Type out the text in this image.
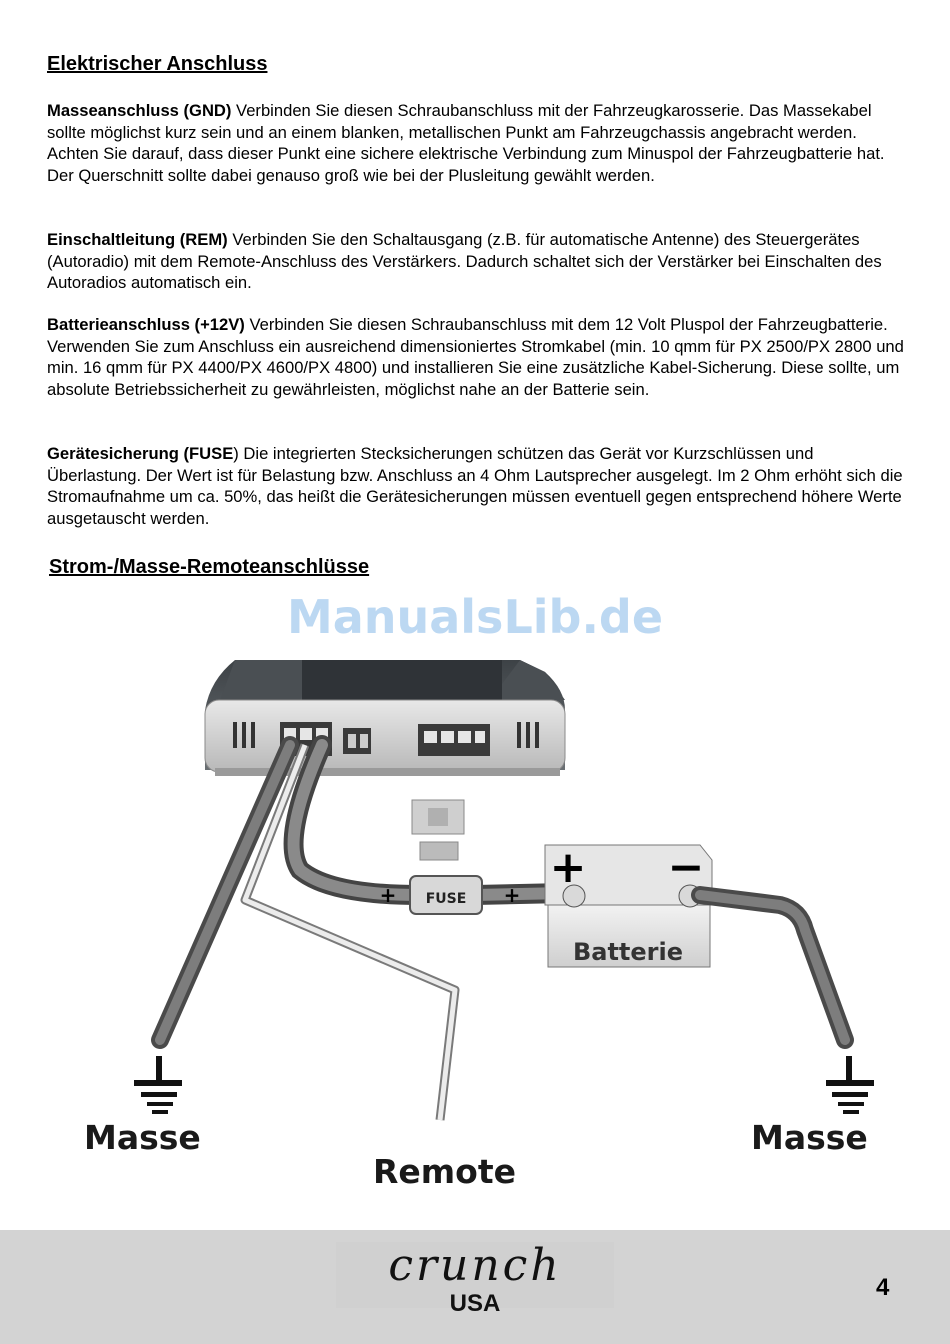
Elektrischer Anschluss

Masseanschluss (GND) Verbinden Sie diesen Schraubanschluss mit der Fahrzeugkarosserie. Das Massekabel sollte möglichst kurz sein und an einem blanken, metallischen Punkt am Fahrzeugchassis angebracht werden. Achten Sie darauf, dass dieser Punkt eine sichere elektrische Verbindung zum Minuspol der Fahrzeugbatterie hat. Der Querschnitt sollte dabei genauso groß wie bei der Plusleitung gewählt werden.

Einschaltleitung (REM) Verbinden Sie den Schaltausgang (z.B. für automatische Antenne) des Steuergerätes (Autoradio) mit dem Remote-Anschluss des Verstärkers. Dadurch schaltet sich der Verstärker bei Einschalten des Autoradios automatisch ein.

Batterieanschluss (+12V) Verbinden Sie diesen Schraubanschluss mit dem 12 Volt Pluspol der Fahrzeugbatterie. Verwenden Sie zum Anschluss ein ausreichend dimensioniertes Stromkabel (min. 10 qmm für PX 2500/PX 2800 und min. 16 qmm für PX 4400/PX 4600/PX 4800) und installieren Sie eine zusätzliche Kabel-Sicherung. Diese sollte, um absolute Betriebssicherheit zu gewährleisten, möglichst nahe an der Batterie sein.

Gerätesicherung (FUSE) Die integrierten Stecksicherungen schützen das Gerät vor Kurzschlüssen und Überlastung. Der Wert ist für Belastung bzw. Anschluss an 4 Ohm Lautsprecher ausgelegt. Im 2 Ohm erhöht sich die Stromaufnahme um ca. 50%, das heißt die Gerätesicherungen müssen eventuell gegen entsprechend höhere Werte ausgetauscht werden.

Strom-/Masse-Remoteanschlüsse
ManualsLib.de
FUSE
+	+
+ −
Batterie
Masse	Masse
Remote
crunch
USA
4
